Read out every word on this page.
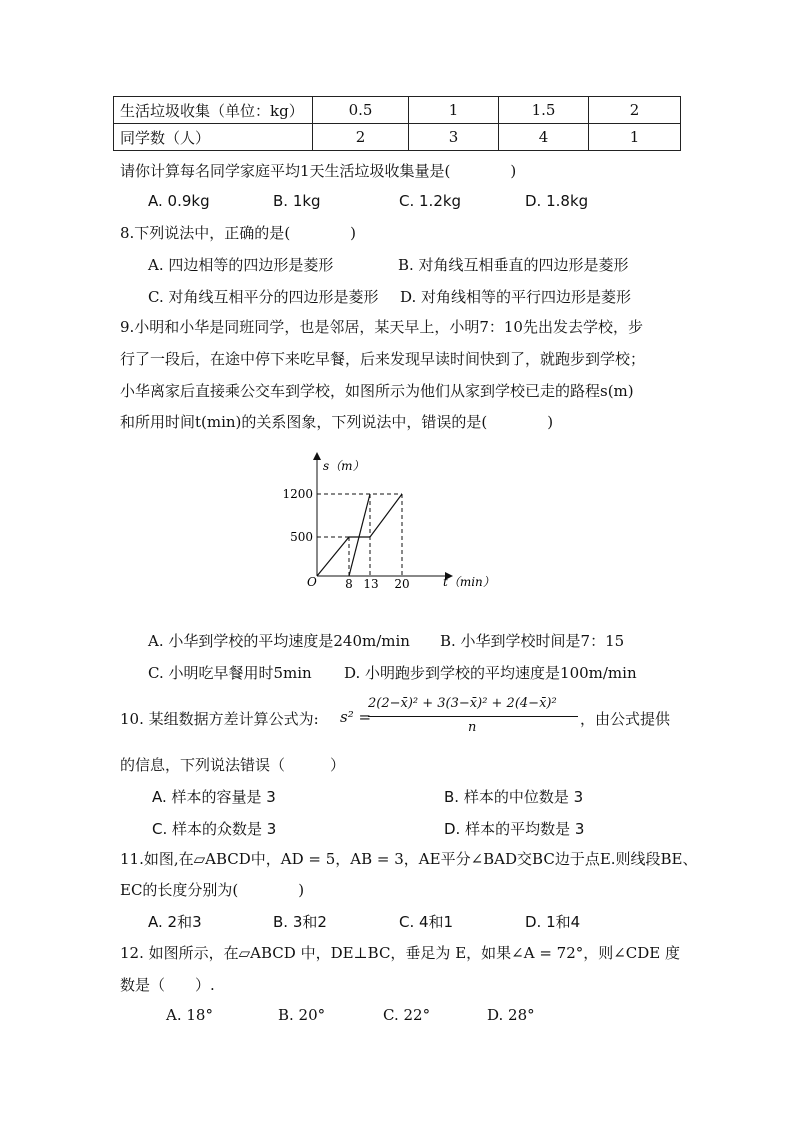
生活垃圾收集（单位：kg）	0.5	1	1.5	2
同学数（人）	2	3	4	1
请你计算每名同学家庭平均1天生活垃圾收集量是(　　　　)
A. 0.9kg	B. 1kg	C. 1.2kg	D. 1.8kg
8.下列说法中，正确的是(　　　　)
A. 四边相等的四边形是菱形	B. 对角线互相垂直的四边形是菱形
C. 对角线互相平分的四边形是菱形 D. 对角线相等的平行四边形是菱形
9.小明和小华是同班同学，也是邻居，某天早上，小明7：10先出发去学校，步
行了一段后，在途中停下来吃早餐，后来发现早读时间快到了，就跑步到学校；
小华离家后直接乘公交车到学校，如图所示为他们从家到学校已走的路程s(m)
和所用时间t(min)的关系图象，下列说法中，错误的是(　　　　)
s（m）
t（min）
O
1200
500
8 13 20
A. 小华到学校的平均速度是240m/min B. 小华到学校时间是7：15
C. 小明吃早餐用时5min D. 小明跑步到学校的平均速度是100m/min
10. 某组数据方差计算公式为: s² =
2(2−x̄)² + 3(3−x̄)² + 2(4−x̄)²
n	，由公式提供
的信息，下列说法错误（　　　）
A. 样本的容量是 3	B. 样本的中位数是 3
C. 样本的众数是 3	D. 样本的平均数是 3
11.如图,在▱ABCD中，AD = 5，AB = 3，AE平分∠BAD交BC边于点E.则线段BE、
EC的长度分别为(　　　　)
A. 2和3	B. 3和2	C. 4和1	D. 1和4
12. 如图所示，在▱ABCD 中，DE⊥BC，垂足为 E，如果∠A = 72°，则∠CDE 度
数是（　　）.
A. 18°	B. 20°	C. 22°	D. 28°
